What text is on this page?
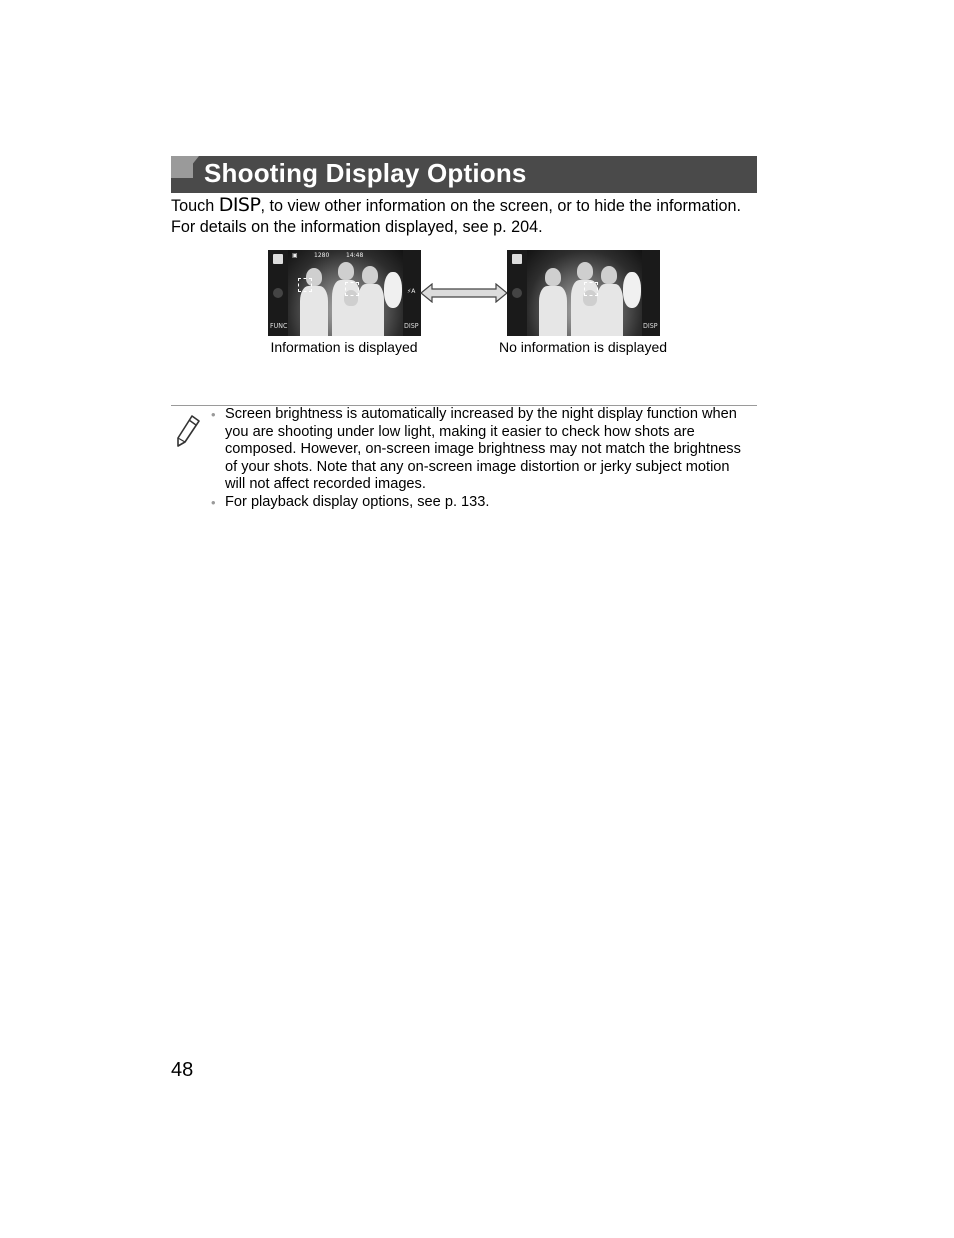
Shooting Display Options
Touch DISP, to view other information on the screen, or to hide the information. For details on the information displayed, see p. 204.
▣	1280	14:48
FUNC
⚡A
DISP	DISP
Information is displayed	No information is displayed
• Screen brightness is automatically increased by the night display function when you are shooting under low light, making it easier to check how shots are composed. However, on-screen image brightness may not match the brightness of your shots. Note that any on-screen image distortion or jerky subject motion will not affect recorded images.
• For playback display options, see p. 133.
48
